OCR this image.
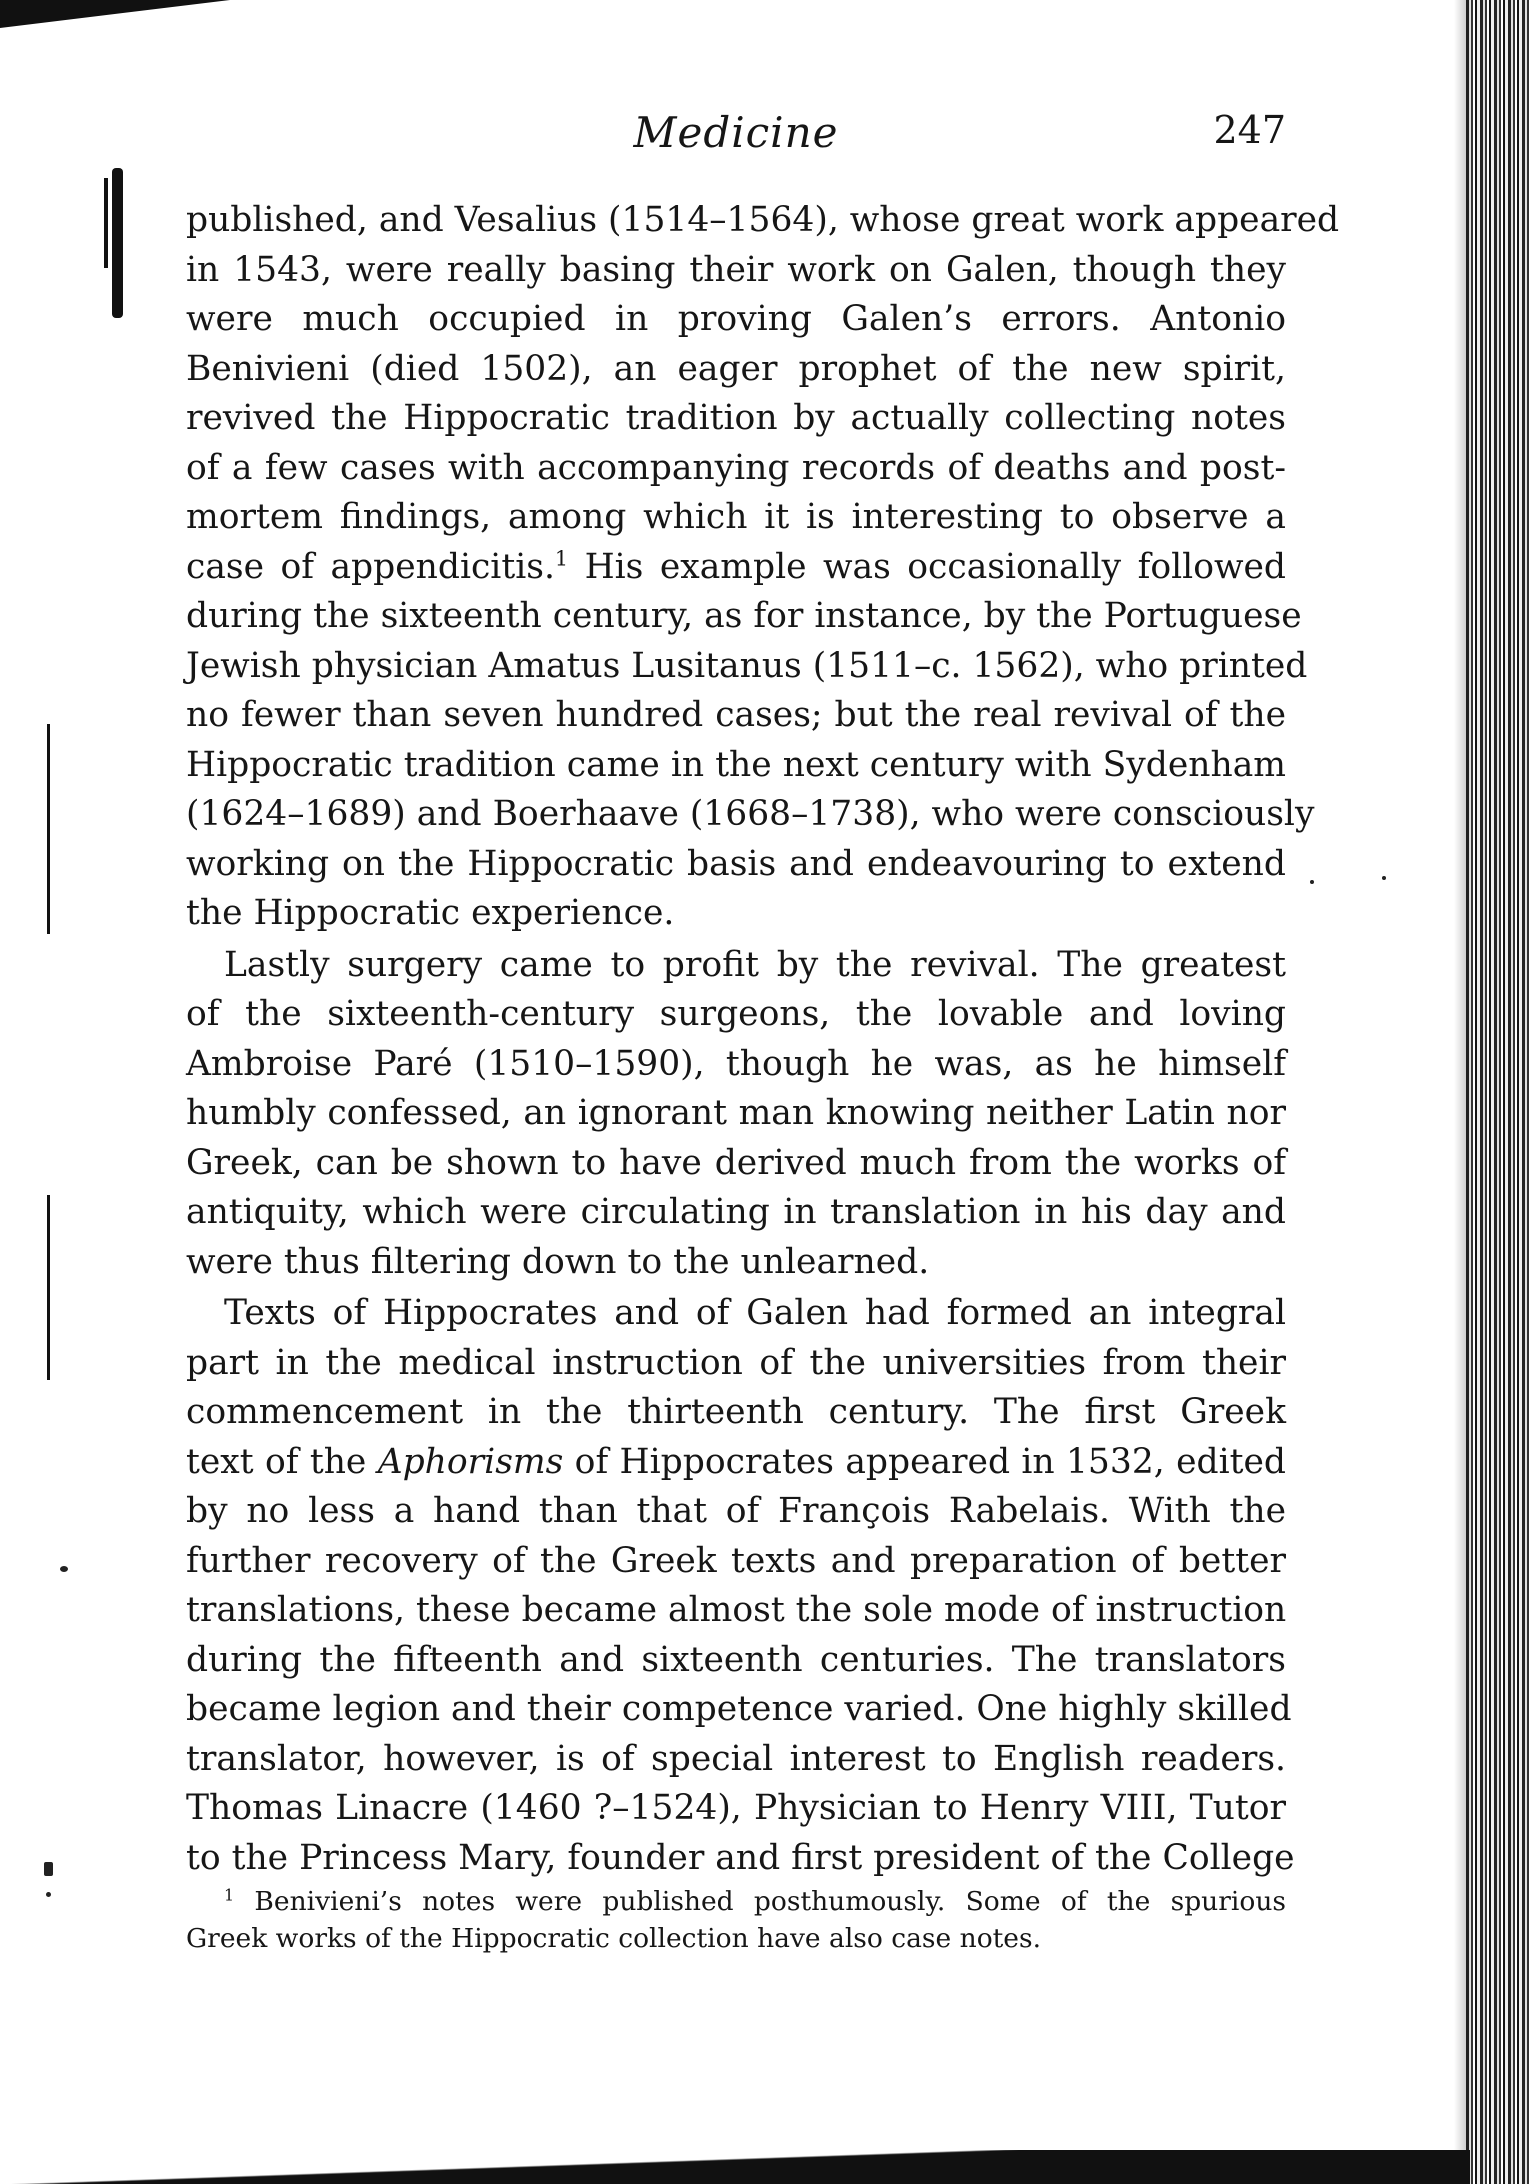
Medicine	247
published, and Vesalius (1514–1564), whose great work appeared
in 1543, were really basing their work on Galen, though they
were much occupied in proving Galen’s errors. Antonio
Benivieni (died 1502), an eager prophet of the new spirit,
revived the Hippocratic tradition by actually collecting notes
of a few cases with accompanying records of deaths and post-
mortem findings, among which it is interesting to observe a
case of appendicitis.$^1$ His example was occasionally followed
during the sixteenth century, as for instance, by the Portuguese
Jewish physician Amatus Lusitanus (1511–c. 1562), who printed
no fewer than seven hundred cases; but the real revival of the
Hippocratic tradition came in the next century with Sydenham
(1624–1689) and Boerhaave (1668–1738), who were consciously
working on the Hippocratic basis and endeavouring to extend
the Hippocratic experience.
Lastly surgery came to profit by the revival. The greatest
of the sixteenth-century surgeons, the lovable and loving
Ambroise Paré (1510–1590), though he was, as he himself
humbly confessed, an ignorant man knowing neither Latin nor
Greek, can be shown to have derived much from the works of
antiquity, which were circulating in translation in his day and
were thus filtering down to the unlearned.
Texts of Hippocrates and of Galen had formed an integral
part in the medical instruction of the universities from their
commencement in the thirteenth century. The first Greek
text of the Aphorisms of Hippocrates appeared in 1532, edited
by no less a hand than that of François Rabelais. With the
further recovery of the Greek texts and preparation of better
translations, these became almost the sole mode of instruction
during the fifteenth and sixteenth centuries. The translators
became legion and their competence varied. One highly skilled
translator, however, is of special interest to English readers.
Thomas Linacre (1460 ?–1524), Physician to Henry VIII, Tutor
to the Princess Mary, founder and first president of the College
$^1$ Benivieni’s notes were published posthumously. Some of the spurious
Greek works of the Hippocratic collection have also case notes.
